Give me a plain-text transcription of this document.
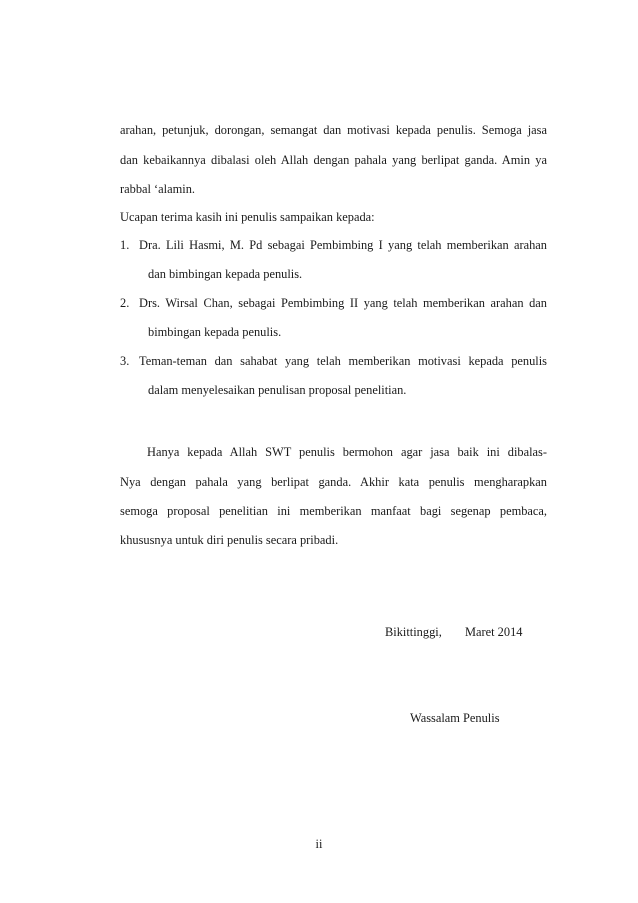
arahan, petunjuk, dorongan, semangat dan motivasi kepada penulis. Semoga jasa
dan kebaikannya dibalasi oleh Allah dengan pahala yang berlipat ganda. Amin ya
rabbal ‘alamin.
Ucapan terima kasih ini penulis sampaikan kepada:
1. Dra. Lili Hasmi, M. Pd sebagai Pembimbing I yang telah memberikan arahan
dan bimbingan kepada penulis.
2. Drs. Wirsal Chan, sebagai Pembimbing II yang telah memberikan arahan dan
bimbingan kepada penulis.
3. Teman-teman dan sahabat yang telah memberikan motivasi kepada penulis
dalam menyelesaikan penulisan proposal penelitian.
Hanya kepada Allah SWT penulis bermohon agar jasa baik ini dibalas-
Nya dengan pahala yang berlipat ganda. Akhir kata penulis mengharapkan
semoga proposal penelitian ini memberikan manfaat bagi segenap pembaca,
khususnya untuk diri penulis secara pribadi.
Bikittinggi, Maret 2014
Wassalam Penulis
ii
